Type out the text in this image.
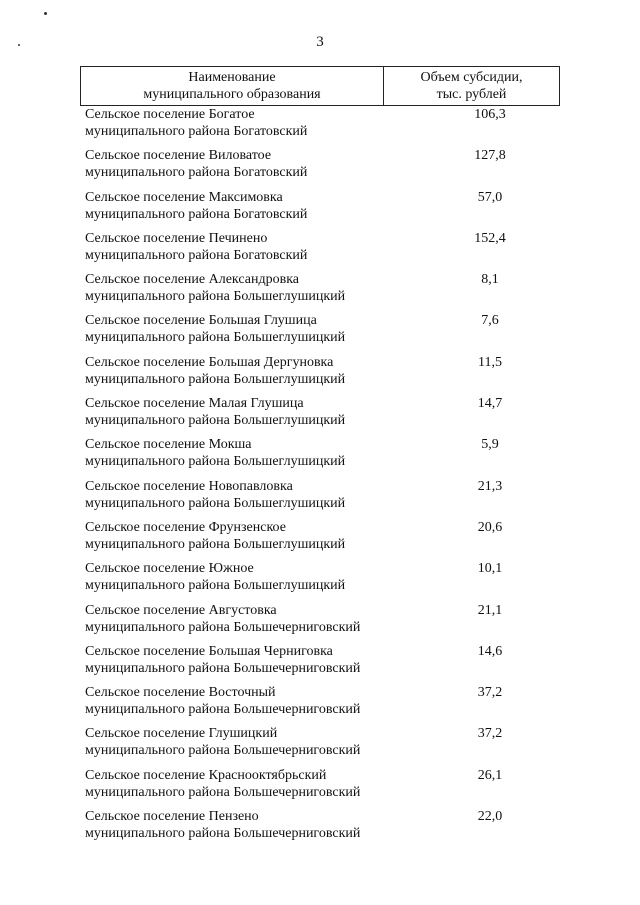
3
Наименование
муниципального образования
Объем субсидии,
тыс. рублей
Сельское поселение Богатое
муниципального района Богатовский
106,3
Сельское поселение Виловатое
муниципального района Богатовский
127,8
Сельское поселение Максимовка
муниципального района Богатовский
57,0
Сельское поселение Печинено
муниципального района Богатовский
152,4
Сельское поселение Александровка
муниципального района Большеглушицкий
8,1
Сельское поселение Большая Глушица
муниципального района Большеглушицкий
7,6
Сельское поселение Большая Дергуновка
муниципального района Большеглушицкий
11,5
Сельское поселение Малая Глушица
муниципального района Большеглушицкий
14,7
Сельское поселение Мокша
муниципального района Большеглушицкий
5,9
Сельское поселение Новопавловка
муниципального района Большеглушицкий
21,3
Сельское поселение Фрунзенское
муниципального района Большеглушицкий
20,6
Сельское поселение Южное
муниципального района Большеглушицкий
10,1
Сельское поселение Августовка
муниципального района Большечерниговский
21,1
Сельское поселение Большая Черниговка
муниципального района Большечерниговский
14,6
Сельское поселение Восточный
муниципального района Большечерниговский
37,2
Сельское поселение Глушицкий
муниципального района Большечерниговский
37,2
Сельское поселение Краснооктябрьский
муниципального района Большечерниговский
26,1
Сельское поселение Пензено
муниципального района Большечерниговский
22,0
